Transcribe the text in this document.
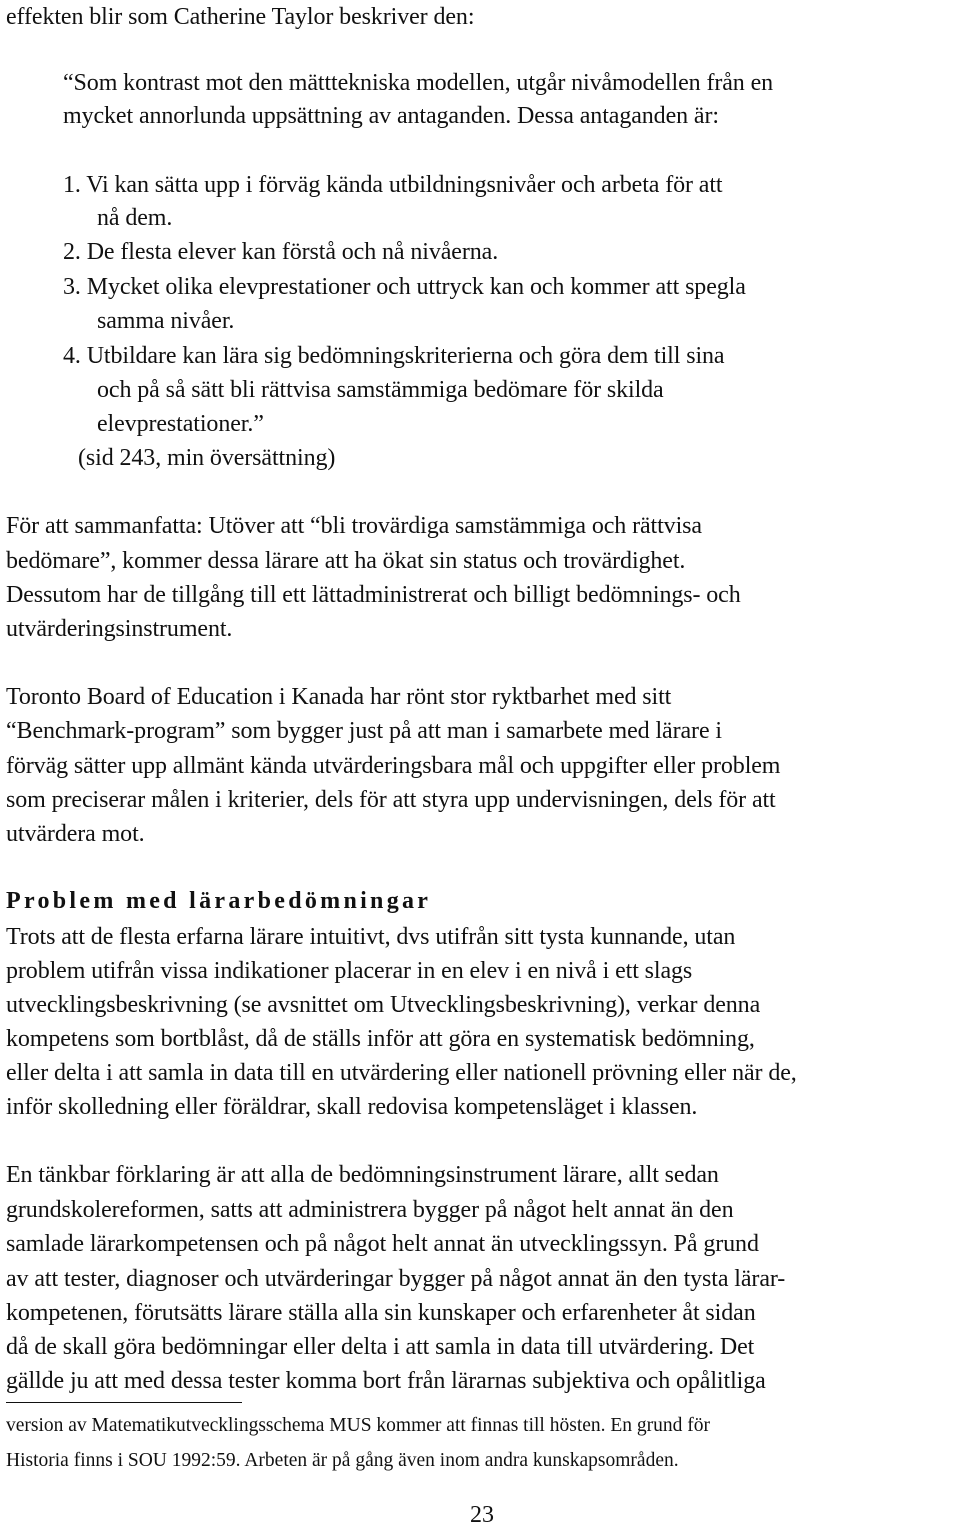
effekten blir som Catherine Taylor beskriver den:
“Som kontrast mot den mätttekniska modellen, utgår nivåmodellen från en
mycket annorlunda uppsättning av antaganden. Dessa antaganden är:
1. Vi kan sätta upp i förväg kända utbildningsnivåer och arbeta för att
nå dem.
2. De flesta elever kan förstå och nå nivåerna.
3. Mycket olika elevprestationer och uttryck kan och kommer att spegla
samma nivåer.
4. Utbildare kan lära sig bedömningskriterierna och göra dem till sina
och på så sätt bli rättvisa samstämmiga bedömare för skilda
elevprestationer.”
(sid 243, min översättning)
För att sammanfatta: Utöver att “bli trovärdiga samstämmiga och rättvisa
bedömare”, kommer dessa lärare att ha ökat sin status och trovärdighet.
Dessutom har de tillgång till ett lättadministrerat och billigt bedömnings- och
utvärderingsinstrument.
Toronto Board of Education i Kanada har rönt stor ryktbarhet med sitt
“Benchmark-program” som bygger just på att man i samarbete med lärare i
förväg sätter upp allmänt kända utvärderingsbara mål och uppgifter eller problem
som preciserar målen i kriterier, dels för att styra upp undervisningen, dels för att
utvärdera mot.
Problem med lärarbedömningar
Trots att de flesta erfarna lärare intuitivt, dvs utifrån sitt tysta kunnande, utan
problem utifrån vissa indikationer placerar in en elev i en nivå i ett slags
utvecklingsbeskrivning (se avsnittet om Utvecklingsbeskrivning), verkar denna
kompetens som bortblåst, då de ställs inför att göra en systematisk bedömning,
eller delta i att samla in data till en utvärdering eller nationell prövning eller när de,
inför skolledning eller föräldrar, skall redovisa kompetensläget i klassen.
En tänkbar förklaring är att alla de bedömningsinstrument lärare, allt sedan
grundskolereformen, satts att administrera bygger på något helt annat än den
samlade lärarkompetensen och på något helt annat än utvecklingssyn. På grund
av att tester, diagnoser och utvärderingar bygger på något annat än den tysta lärar-
kompetenen, förutsätts lärare ställa alla sin kunskaper och erfarenheter åt sidan
då de skall göra bedömningar eller delta i att samla in data till utvärdering. Det
gällde ju att med dessa tester komma bort från lärarnas subjektiva och opålitliga
version av Matematikutvecklingsschema MUS kommer att finnas till hösten. En grund för
Historia finns i SOU 1992:59. Arbeten är på gång även inom andra kunskapsområden.
23
